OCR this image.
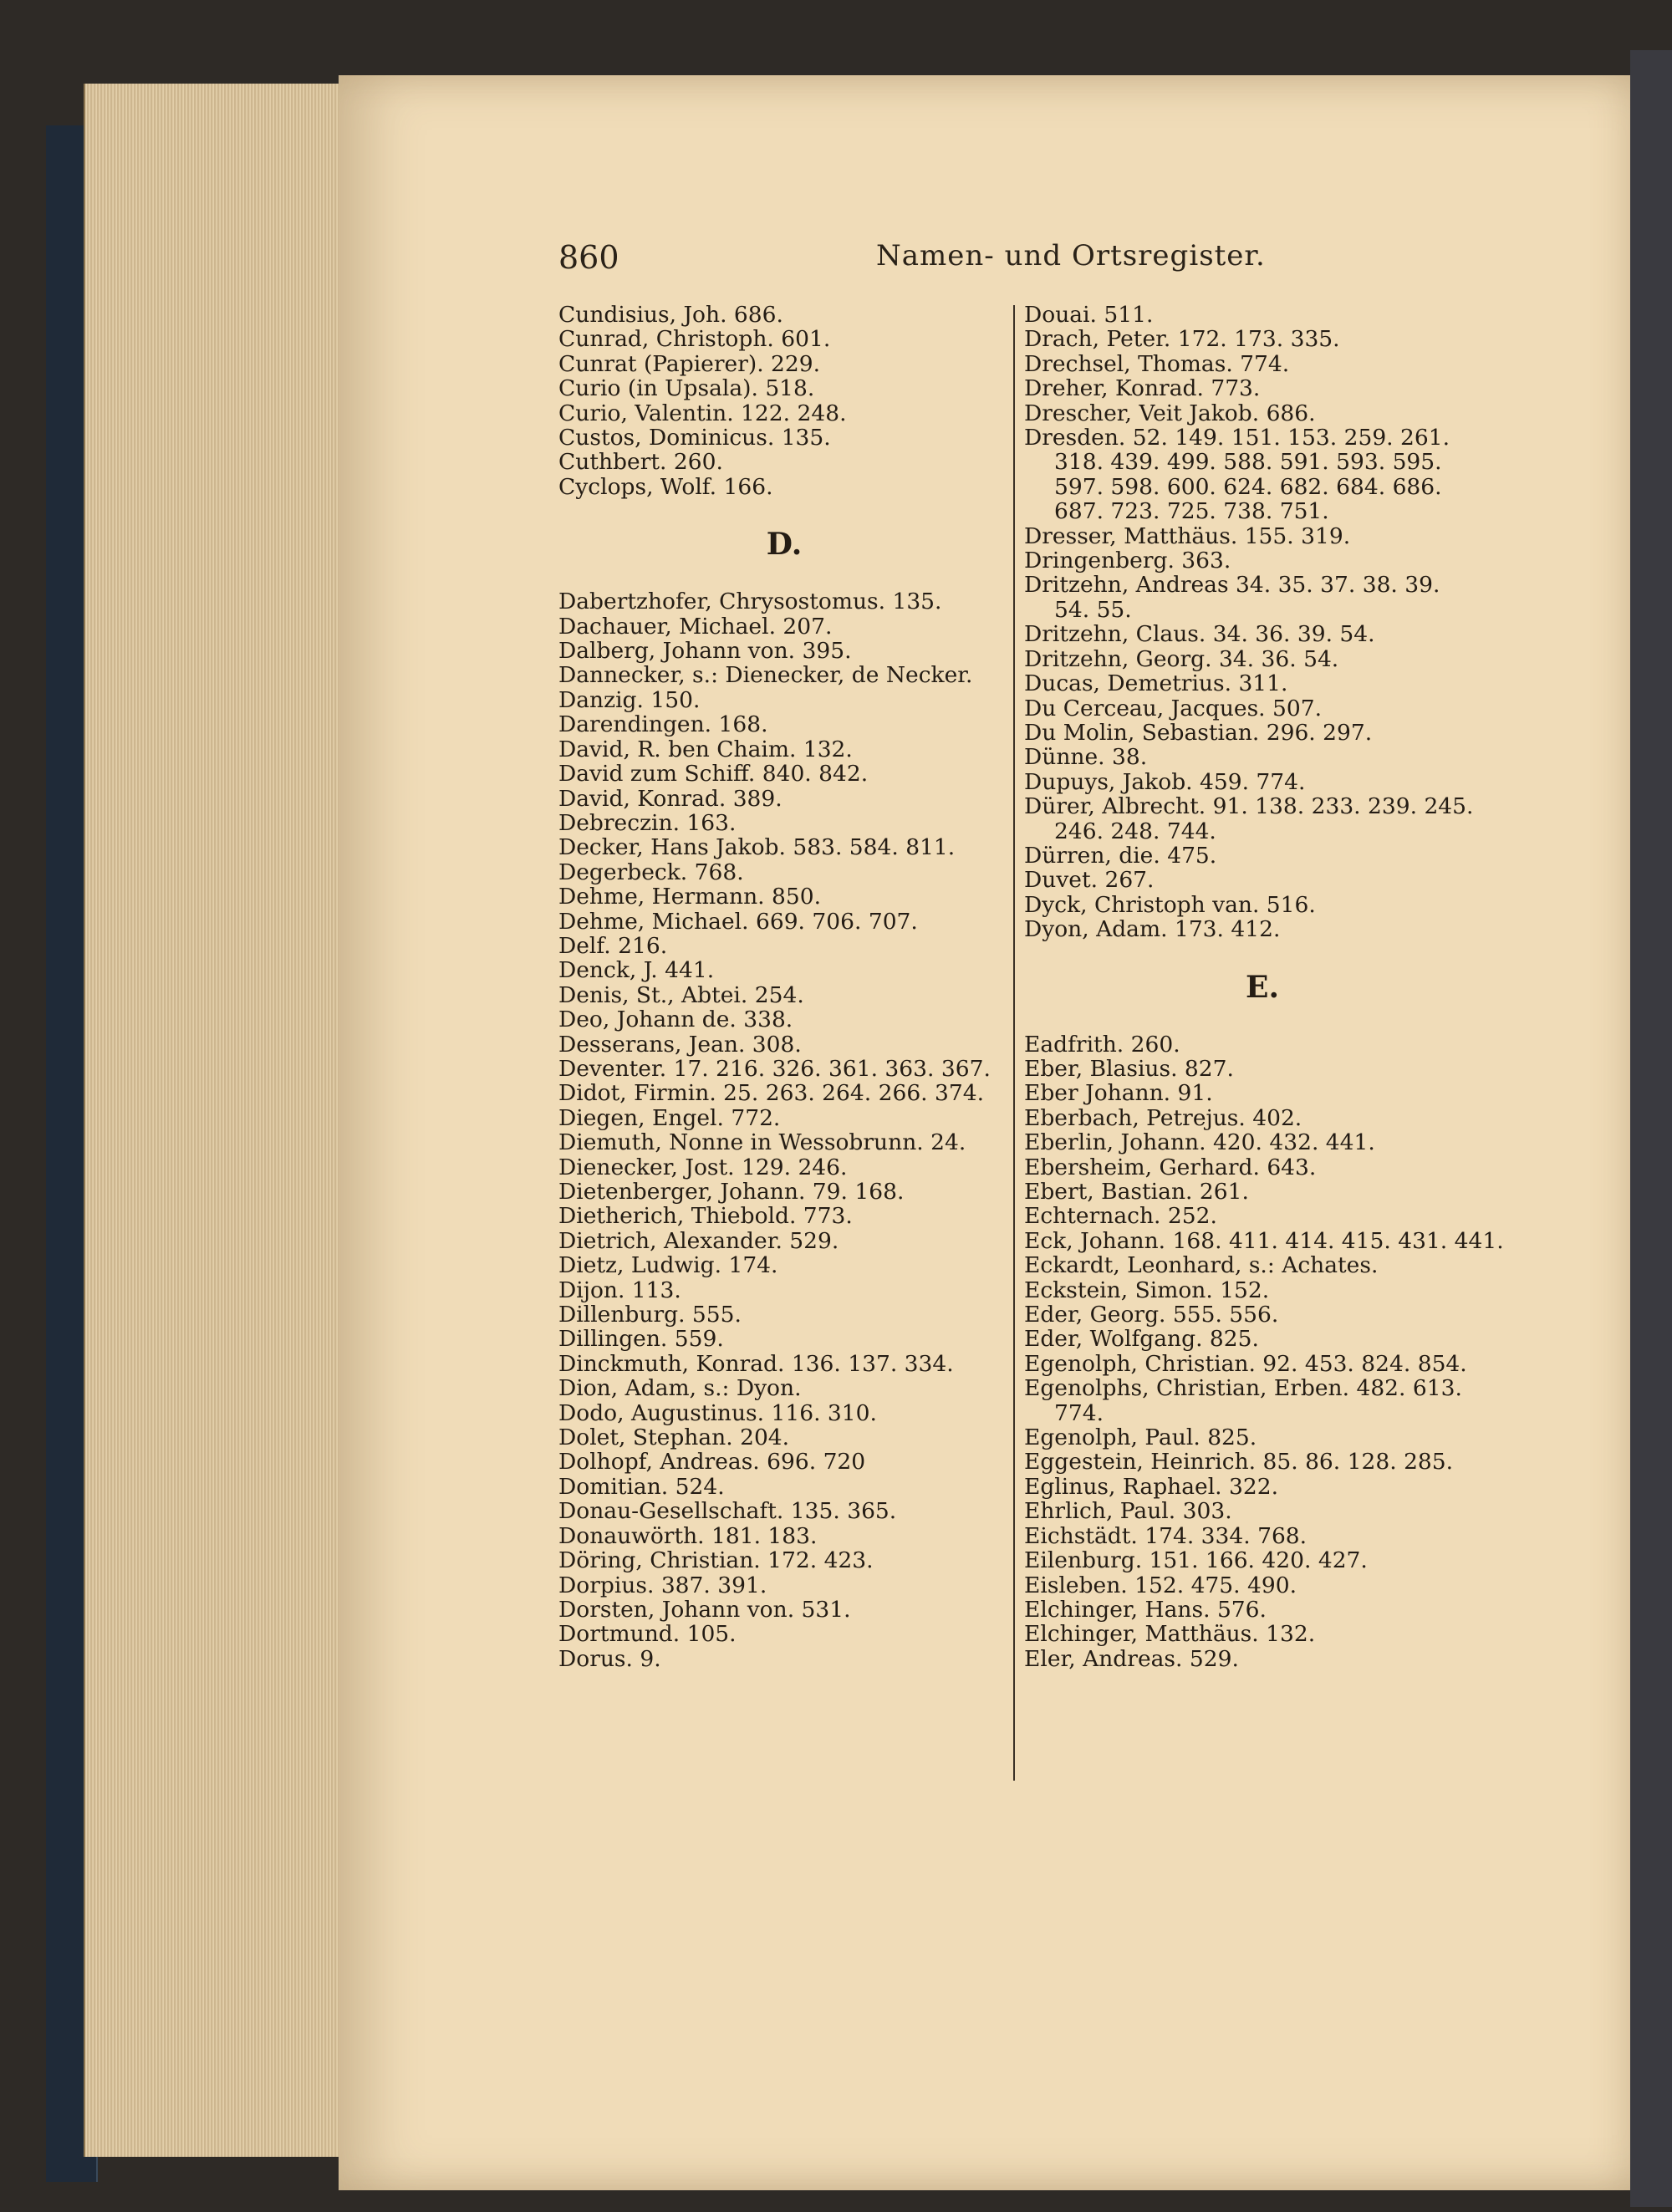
860	Namen- und Ortsregister.
Cundisius, Joh. 686.
Cunrad, Christoph. 601.
Cunrat (Papierer). 229.
Curio (in Upsala). 518.
Curio, Valentin. 122. 248.
Custos, Dominicus. 135.
Cuthbert. 260.
Cyclops, Wolf. 166.
D.
Dabertzhofer, Chrysostomus. 135.
Dachauer, Michael. 207.
Dalberg, Johann von. 395.
Dannecker, s.: Dienecker, de Necker.
Danzig. 150.
Darendingen. 168.
David, R. ben Chaim. 132.
David zum Schiff. 840. 842.
David, Konrad. 389.
Debreczin. 163.
Decker, Hans Jakob. 583. 584. 811.
Degerbeck. 768.
Dehme, Hermann. 850.
Dehme, Michael. 669. 706. 707.
Delf. 216.
Denck, J. 441.
Denis, St., Abtei. 254.
Deo, Johann de. 338.
Desserans, Jean. 308.
Deventer. 17. 216. 326. 361. 363. 367.
Didot, Firmin. 25. 263. 264. 266. 374.
Diegen, Engel. 772.
Diemuth, Nonne in Wessobrunn. 24.
Dienecker, Jost. 129. 246.
Dietenberger, Johann. 79. 168.
Dietherich, Thiebold. 773.
Dietrich, Alexander. 529.
Dietz, Ludwig. 174.
Dijon. 113.
Dillenburg. 555.
Dillingen. 559.
Dinckmuth, Konrad. 136. 137. 334.
Dion, Adam, s.: Dyon.
Dodo, Augustinus. 116. 310.
Dolet, Stephan. 204.
Dolhopf, Andreas. 696. 720
Domitian. 524.
Donau-Gesellschaft. 135. 365.
Donauwörth. 181. 183.
Döring, Christian. 172. 423.
Dorpius. 387. 391.
Dorsten, Johann von. 531.
Dortmund. 105.
Dorus. 9.
Douai. 511.
Drach, Peter. 172. 173. 335.
Drechsel, Thomas. 774.
Dreher, Konrad. 773.
Drescher, Veit Jakob. 686.
Dresden. 52. 149. 151. 153. 259. 261.
318. 439. 499. 588. 591. 593. 595.
597. 598. 600. 624. 682. 684. 686.
687. 723. 725. 738. 751.
Dresser, Matthäus. 155. 319.
Dringenberg. 363.
Dritzehn, Andreas 34. 35. 37. 38. 39.
54. 55.
Dritzehn, Claus. 34. 36. 39. 54.
Dritzehn, Georg. 34. 36. 54.
Ducas, Demetrius. 311.
Du Cerceau, Jacques. 507.
Du Molin, Sebastian. 296. 297.
Dünne. 38.
Dupuys, Jakob. 459. 774.
Dürer, Albrecht. 91. 138. 233. 239. 245.
246. 248. 744.
Dürren, die. 475.
Duvet. 267.
Dyck, Christoph van. 516.
Dyon, Adam. 173. 412.
E.
Eadfrith. 260.
Eber, Blasius. 827.
Eber Johann. 91.
Eberbach, Petrejus. 402.
Eberlin, Johann. 420. 432. 441.
Ebersheim, Gerhard. 643.
Ebert, Bastian. 261.
Echternach. 252.
Eck, Johann. 168. 411. 414. 415. 431. 441.
Eckardt, Leonhard, s.: Achates.
Eckstein, Simon. 152.
Eder, Georg. 555. 556.
Eder, Wolfgang. 825.
Egenolph, Christian. 92. 453. 824. 854.
Egenolphs, Christian, Erben. 482. 613.
774.
Egenolph, Paul. 825.
Eggestein, Heinrich. 85. 86. 128. 285.
Eglinus, Raphael. 322.
Ehrlich, Paul. 303.
Eichstädt. 174. 334. 768.
Eilenburg. 151. 166. 420. 427.
Eisleben. 152. 475. 490.
Elchinger, Hans. 576.
Elchinger, Matthäus. 132.
Eler, Andreas. 529.
